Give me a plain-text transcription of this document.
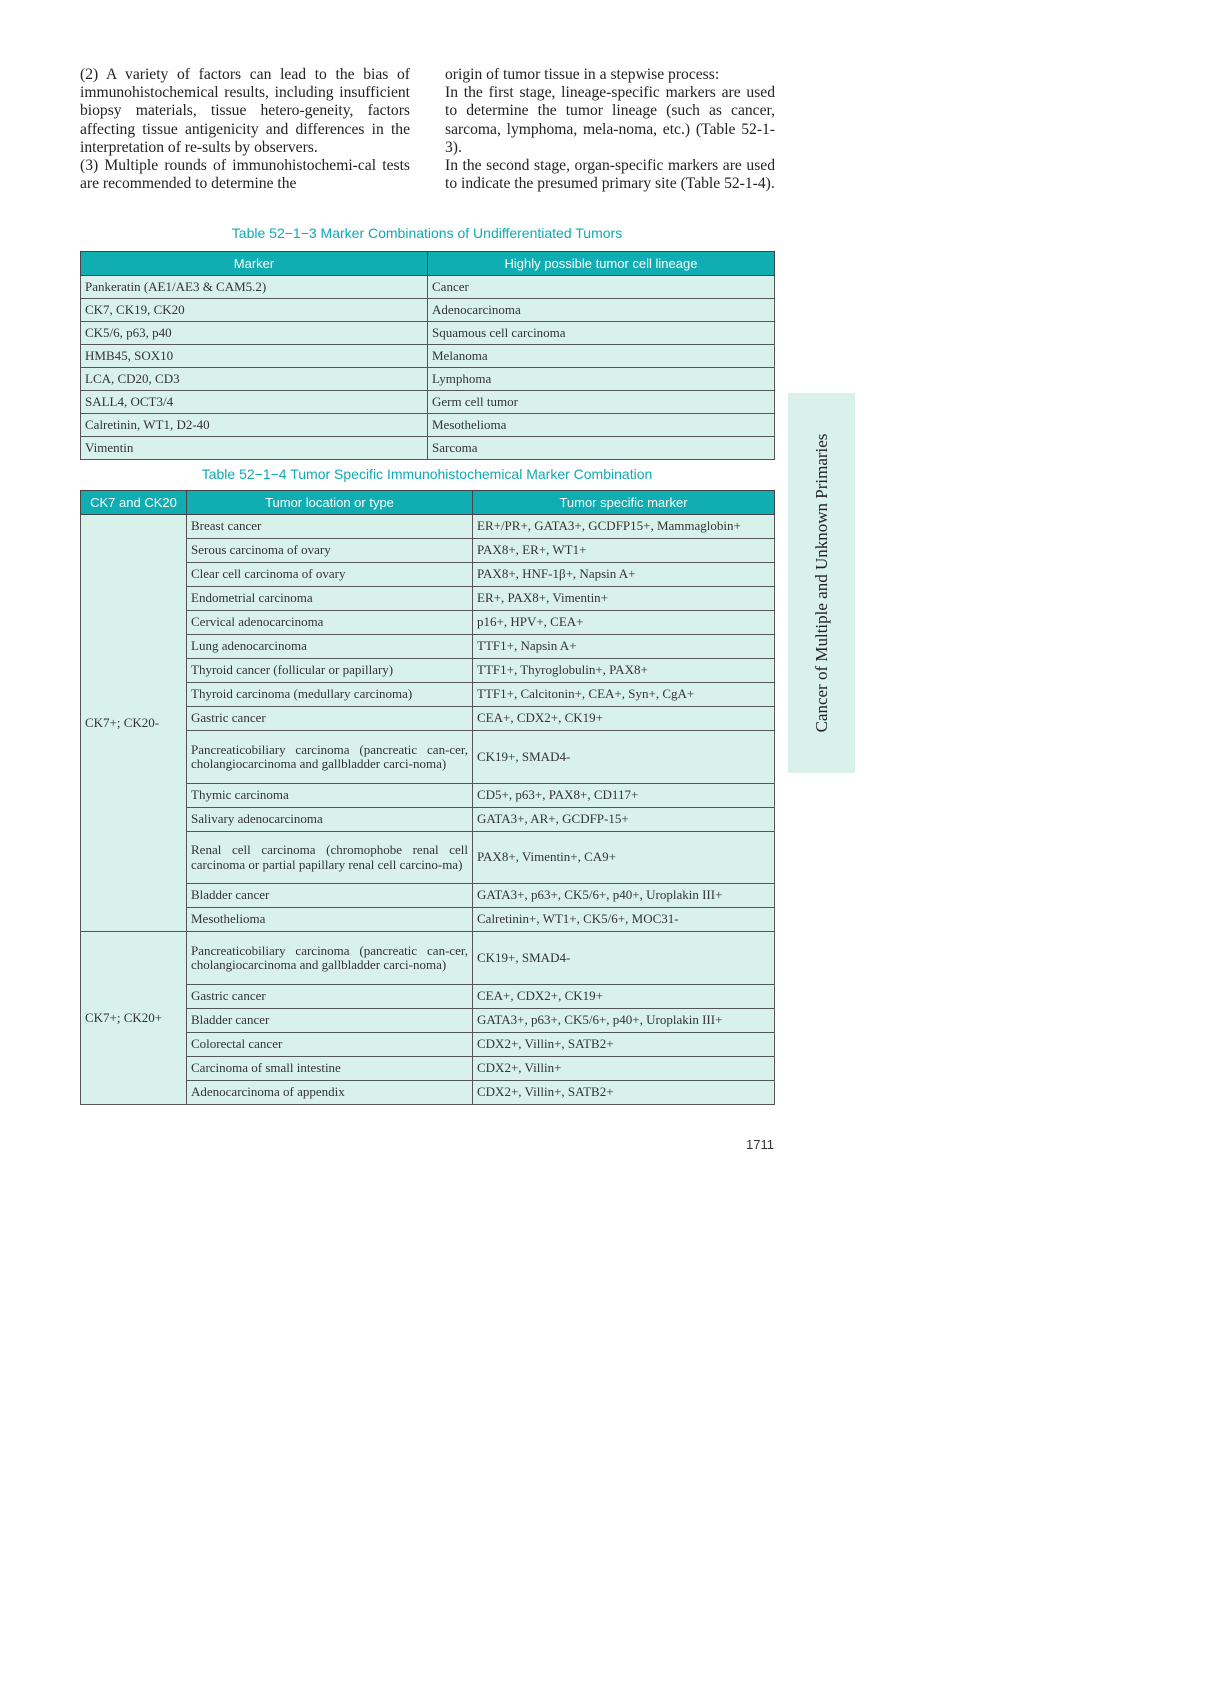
(2) A variety of factors can lead to the bias of immunohistochemical results, including insufficient biopsy materials, tissue hetero-geneity, factors affecting tissue antigenicity and differences in the interpretation of re-sults by observers.

(3) Multiple rounds of immunohistochemi-cal tests are recommended to determine the

origin of tumor tissue in a stepwise process:

In the first stage, lineage-specific markers are used to determine the tumor lineage (such as cancer, sarcoma, lymphoma, mela-noma, etc.) (Table 52-1-3).

In the second stage, organ-specific markers are used to indicate the presumed primary site (Table 52-1-4).

Table 52−1−3 Marker Combinations of Undifferentiated Tumors
Marker	Highly possible tumor cell lineage
Pankeratin (AE1/AE3 & CAM5.2)	Cancer
CK7, CK19, CK20	Adenocarcinoma
CK5/6, p63, p40	Squamous cell carcinoma
HMB45, SOX10	Melanoma
LCA, CD20, CD3	Lymphoma
SALL4, OCT3/4	Germ cell tumor
Calretinin, WT1, D2-40	Mesothelioma
Vimentin	Sarcoma
Table 52−1−4 Tumor Specific Immunohistochemical Marker Combination
CK7 and CK20	Tumor location or type	Tumor specific marker
CK7+; CK20-	Breast cancer	ER+/PR+, GATA3+, GCDFP15+, Mammaglobin+
	Serous carcinoma of ovary	PAX8+, ER+, WT1+
	Clear cell carcinoma of ovary	PAX8+, HNF-1β+, Napsin A+
	Endometrial carcinoma	ER+, PAX8+, Vimentin+
	Cervical adenocarcinoma	p16+, HPV+, CEA+
	Lung adenocarcinoma	TTF1+, Napsin A+
	Thyroid cancer (follicular or papillary)	TTF1+, Thyroglobulin+, PAX8+
	Thyroid carcinoma (medullary carcinoma)	TTF1+, Calcitonin+, CEA+, Syn+, CgA+
	Gastric cancer	CEA+, CDX2+, CK19+
	Pancreaticobiliary carcinoma (pancreatic can-cer, cholangiocarcinoma and gallbladder carci-noma)	CK19+, SMAD4-
	Thymic carcinoma	CD5+, p63+, PAX8+, CD117+
	Salivary adenocarcinoma	GATA3+, AR+, GCDFP-15+
	Renal cell carcinoma (chromophobe renal cell carcinoma or partial papillary renal cell carcino-ma)	PAX8+, Vimentin+, CA9+
	Bladder cancer	GATA3+, p63+, CK5/6+, p40+, Uroplakin III+
	Mesothelioma	Calretinin+, WT1+, CK5/6+, MOC31-
CK7+; CK20+	Pancreaticobiliary carcinoma (pancreatic can-cer, cholangiocarcinoma and gallbladder carci-noma)	CK19+, SMAD4-
	Gastric cancer	CEA+, CDX2+, CK19+
	Bladder cancer	GATA3+, p63+, CK5/6+, p40+, Uroplakin III+
	Colorectal cancer	CDX2+, Villin+, SATB2+
	Carcinoma of small intestine	CDX2+, Villin+
	Adenocarcinoma of appendix	CDX2+, Villin+, SATB2+
Cancer of Multiple and Unknown Primaries
1711
